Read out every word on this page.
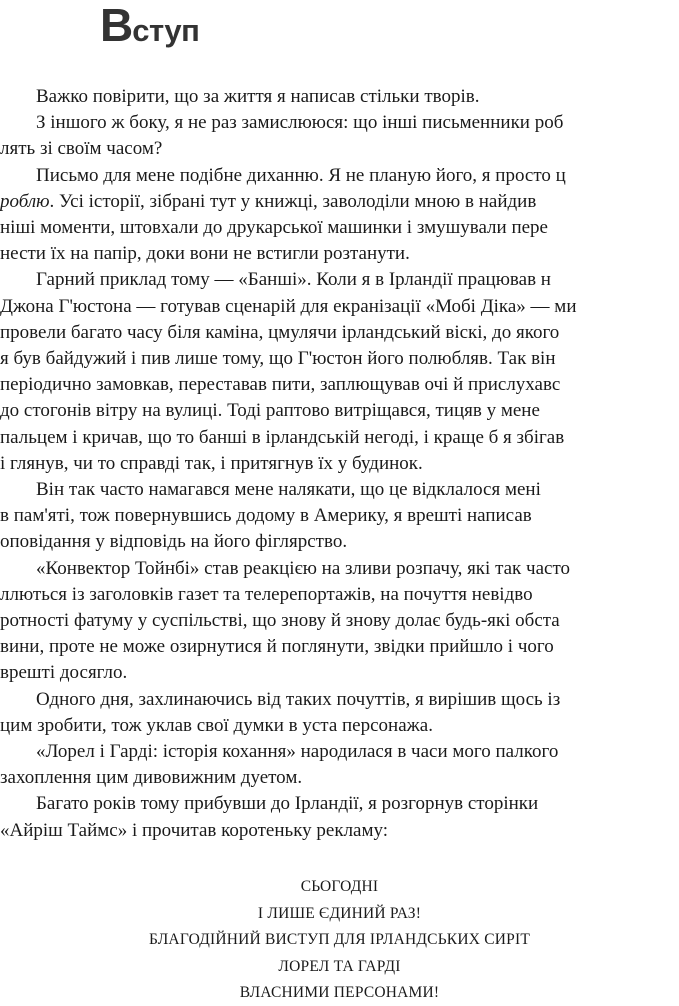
Вступ
Важко повірити, що за життя я написав стільки творів.
З іншого ж боку, я не раз замислююся: що інші письменники роб
лять зі своїм часом?
Письмо для мене подібне диханню. Я не планую його, я просто ц
роблю. Усі історії, зібрані тут у книжці, заволоділи мною в найдив
ніші моменти, штовхали до друкарської машинки і змушували пере
нести їх на папір, доки вони не встигли розтанути.
Гарний приклад тому — «Банші». Коли я в Ірландії працював н
Джона Г'юстона — готував сценарій для екранізації «Мобі Діка» — ми
провели багато часу біля каміна, цмулячи ірландський віскі, до якого
я був байдужий і пив лише тому, що Г'юстон його полюбляв. Так він
періодично замовкав, переставав пити, заплющував очі й прислухавс
до стогонів вітру на вулиці. Тоді раптово витріщався, тицяв у мене
пальцем і кричав, що то банші в ірландській негоді, і краще б я збігав
і глянув, чи то справді так, і притягнув їх у будинок.
Він так часто намагався мене налякати, що це відклалося мені
в пам'яті, тож повернувшись додому в Америку, я врешті написав
оповідання у відповідь на його фіглярство.
«Конвектор Тойнбі» став реакцією на зливи розпачу, які так часто
ллються із заголовків газет та телерепортажів, на почуття невідво
ротності фатуму у суспільстві, що знову й знову долає будь-які обста
вини, проте не може озирнутися й поглянути, звідки прийшло і чого
врешті досягло.
Одного дня, захлинаючись від таких почуттів, я вирішив щось із
цим зробити, тож уклав свої думки в уста персонажа.
«Лорел і Гарді: історія кохання» народилася в часи мого палкого
захоплення цим дивовижним дуетом.
Багато років тому прибувши до Ірландії, я розгорнув сторінки
«Айріш Таймс» і прочитав коротеньку рекламу:
СЬОГОДНІ
І ЛИШЕ ЄДИНИЙ РАЗ!
БЛАГОДІЙНИЙ ВИСТУП ДЛЯ ІРЛАНДСЬКИХ СИРІТ
ЛОРЕЛ ТА ГАРДІ
ВЛАСНИМИ ПЕРСОНАМИ!
